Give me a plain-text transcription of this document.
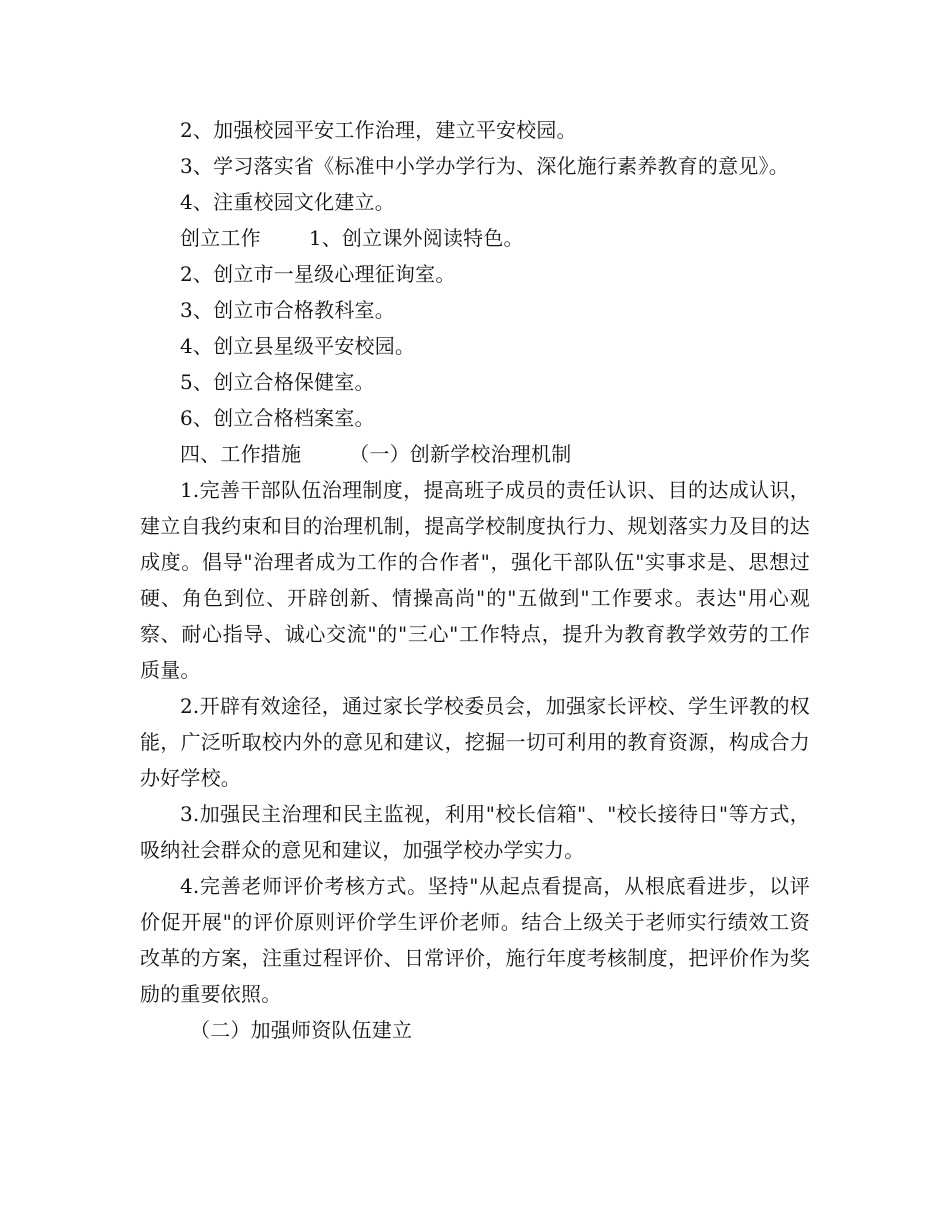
2、加强校园平安工作治理，建立平安校园。
3、学习落实省《标准中小学办学行为、深化施行素养教育的意见》。
4、注重校园文化建立。
创立工作 1、创立课外阅读特色。
2、创立市一星级心理征询室。
3、创立市合格教科室。
4、创立县星级平安校园。
5、创立合格保健室。
6、创立合格档案室。
四、工作措施 （一）创新学校治理机制
1.完善干部队伍治理制度，提高班子成员的责任认识、目的达成认识，建立自我约束和目的治理机制，提高学校制度执行力、规划落实力及目的达成度。倡导"治理者成为工作的合作者"，强化干部队伍"实事求是、思想过硬、角色到位、开辟创新、情操高尚"的"五做到"工作要求。表达"用心观察、耐心指导、诚心交流"的"三心"工作特点，提升为教育教学效劳的工作质量。
2.开辟有效途径，通过家长学校委员会，加强家长评校、学生评教的权能，广泛听取校内外的意见和建议，挖掘一切可利用的教育资源，构成合力办好学校。
3.加强民主治理和民主监视，利用"校长信箱"、"校长接待日"等方式，吸纳社会群众的意见和建议，加强学校办学实力。
4.完善老师评价考核方式。坚持"从起点看提高，从根底看进步，以评价促开展"的评价原则评价学生评价老师。结合上级关于老师实行绩效工资改革的方案，注重过程评价、日常评价，施行年度考核制度，把评价作为奖励的重要依照。
（二）加强师资队伍建立
